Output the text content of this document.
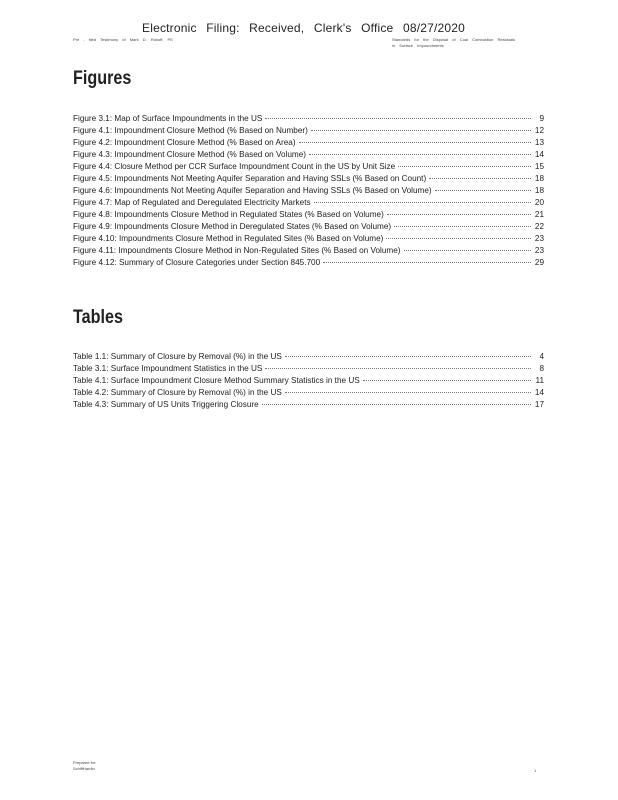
Electronic Filing: Received, Clerk's Office 08/27/2020
Pre - filed Testimony of Mark D. Rokoff, PE	Standards for the Disposal of Coal Combustion Residuals in Surface Impoundments
Figures
Figure 3.1: Map of Surface Impoundments in the US	9
Figure 4.1: Impoundment Closure Method (% Based on Number)	12
Figure 4.2: Impoundment Closure Method (% Based on Area)	13
Figure 4.3: Impoundment Closure Method (% Based on Volume)	14
Figure 4.4: Closure Method per CCR Surface Impoundment Count in the US by Unit Size	15
Figure 4.5: Impoundments Not Meeting Aquifer Separation and Having SSLs (% Based on Count)	18
Figure 4.6: Impoundments Not Meeting Aquifer Separation and Having SSLs (% Based on Volume)	18
Figure 4.7: Map of Regulated and Deregulated Electricity Markets	20
Figure 4.8: Impoundments Closure Method in Regulated States (% Based on Volume)	21
Figure 4.9: Impoundments Closure Method in Deregulated States (% Based on Volume)	22
Figure 4.10: Impoundments Closure Method in Regulated Sites (% Based on Volume)	23
Figure 4.11: Impoundments Closure Method in Non-Regulated Sites (% Based on Volume)	23
Figure 4.12: Summary of Closure Categories under Section 845.700	29
Tables
Table 1.1: Summary of Closure by Removal (%) in the US	4
Table 3.1: Surface Impoundment Statistics in the US	8
Table 4.1: Surface Impoundment Closure Method Summary Statistics in the US	11
Table 4.2: Summary of Closure by Removal (%) in the US	14
Table 4.3: Summary of US Units Triggering Closure	17
Prepared for:
SchiffHardin	1
